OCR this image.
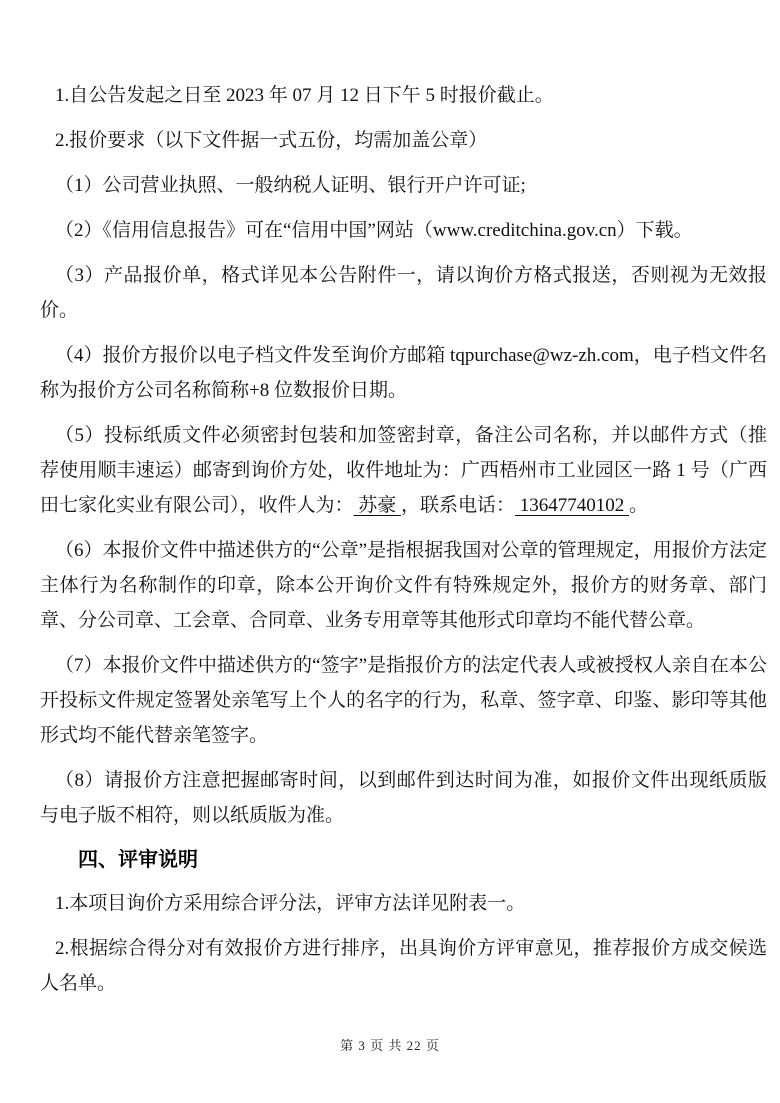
1.自公告发起之日至 2023 年 07 月 12 日下午 5 时报价截止。

2.报价要求（以下文件据一式五份，均需加盖公章）

（1）公司营业执照、一般纳税人证明、银行开户许可证;

（2）《信用信息报告》可在“信用中国”网站（www.creditchina.gov.cn）下载。

（3）产品报价单，格式详见本公告附件一，请以询价方格式报送，否则视为无效报价。

（4）报价方报价以电子档文件发至询价方邮箱 tqpurchase@wz-zh.com，电子档文件名称为报价方公司名称简称+8 位数报价日期。

（5）投标纸质文件必须密封包装和加签密封章，备注公司名称，并以邮件方式（推荐使用顺丰速运）邮寄到询价方处，收件地址为：广西梧州市工业园区一路 1 号（广西田七家化实业有限公司），收件人为： 苏豪 ，联系电话： 13647740102 。

（6）本报价文件中描述供方的“公章”是指根据我国对公章的管理规定，用报价方法定主体行为名称制作的印章，除本公开询价文件有特殊规定外，报价方的财务章、部门章、分公司章、工会章、合同章、业务专用章等其他形式印章均不能代替公章。

（7）本报价文件中描述供方的“签字”是指报价方的法定代表人或被授权人亲自在本公开投标文件规定签署处亲笔写上个人的名字的行为，私章、签字章、印鉴、影印等其他形式均不能代替亲笔签字。

（8）请报价方注意把握邮寄时间，以到邮件到达时间为准，如报价文件出现纸质版与电子版不相符，则以纸质版为准。

四、评审说明

1.本项目询价方采用综合评分法，评审方法详见附表一。

2.根据综合得分对有效报价方进行排序，出具询价方评审意见，推荐报价方成交候选人名单。

第 3 页 共 22 页
